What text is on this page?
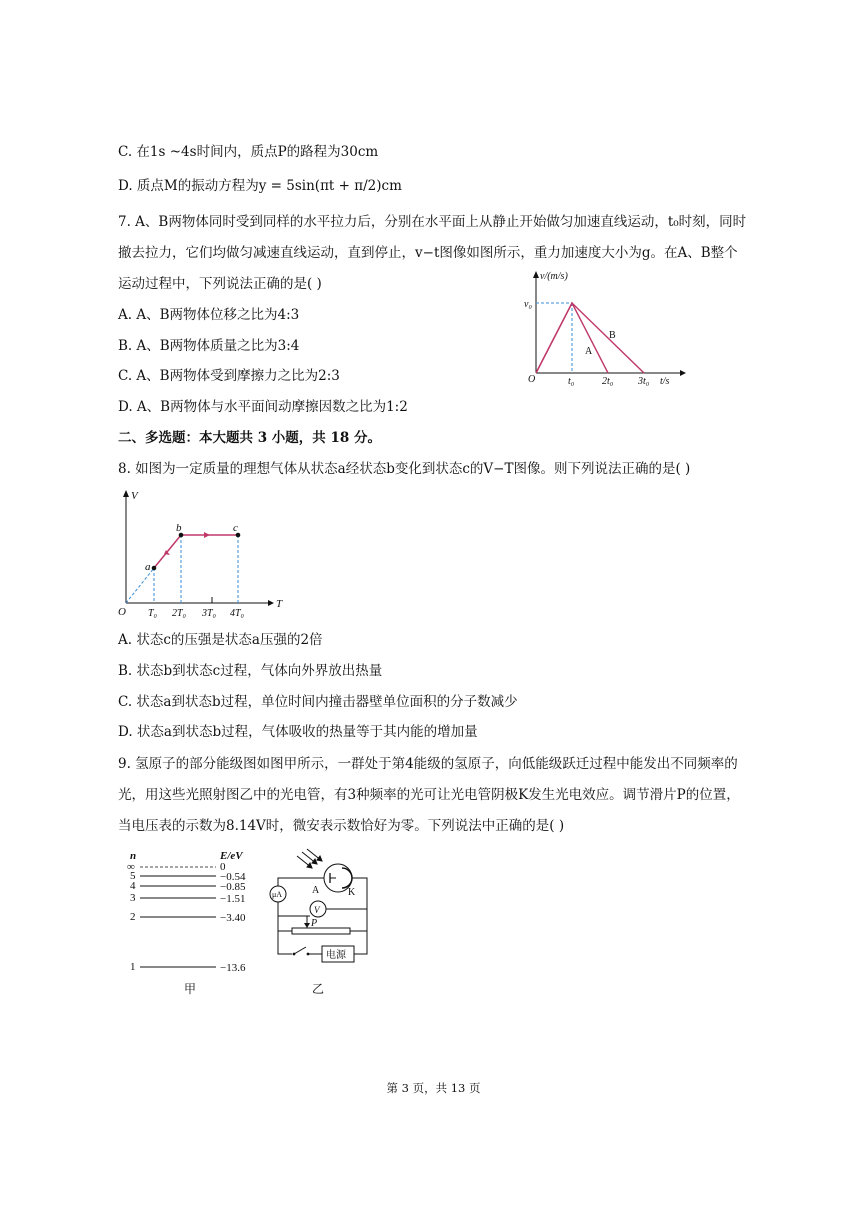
C. 在1s ~4s时间内，质点P的路程为30cm
D. 质点M的振动方程为y = 5sin(πt + π/2)cm
7. A、B两物体同时受到同样的水平拉力后，分别在水平面上从静止开始做匀加速直线运动，t₀时刻，同时
撤去拉力，它们均做匀减速直线运动，直到停止，v−t图像如图所示，重力加速度大小为g。在A、B整个
运动过程中，下列说法正确的是( )
A. A、B两物体位移之比为4:3
B. A、B两物体质量之比为3:4
C. A、B两物体受到摩擦力之比为2:3
D. A、B两物体与水平面间动摩擦因数之比为1:2
二、多选题：本大题共 3 小题，共 18 分。
8. 如图为一定质量的理想气体从状态a经状态b变化到状态c的V−T图像。则下列说法正确的是( )
A. 状态c的压强是状态a压强的2倍
B. 状态b到状态c过程，气体向外界放出热量
C. 状态a到状态b过程，单位时间内撞击器壁单位面积的分子数减少
D. 状态a到状态b过程，气体吸收的热量等于其内能的增加量
9. 氢原子的部分能级图如图甲所示，一群处于第4能级的氢原子，向低能级跃迁过程中能发出不同频率的
光，用这些光照射图乙中的光电管，有3种频率的光可让光电管阴极K发生光电效应。调节滑片P的位置，
当电压表的示数为8.14V时，微安表示数恰好为零。下列说法中正确的是( )
v/(m/s)
v₀
O	t₀	2t₀ 3t₀ t/s
A
B
V
T
O T₀ 2T₀ 3T₀ 4T₀
a
b	c
n	E/eV
∞	0
5	−0.54
4	−0.85
3	−1.51
2	−3.40
1	−13.6
甲
A	K
μA
V
P
电源
乙
第 3 页，共 13 页
